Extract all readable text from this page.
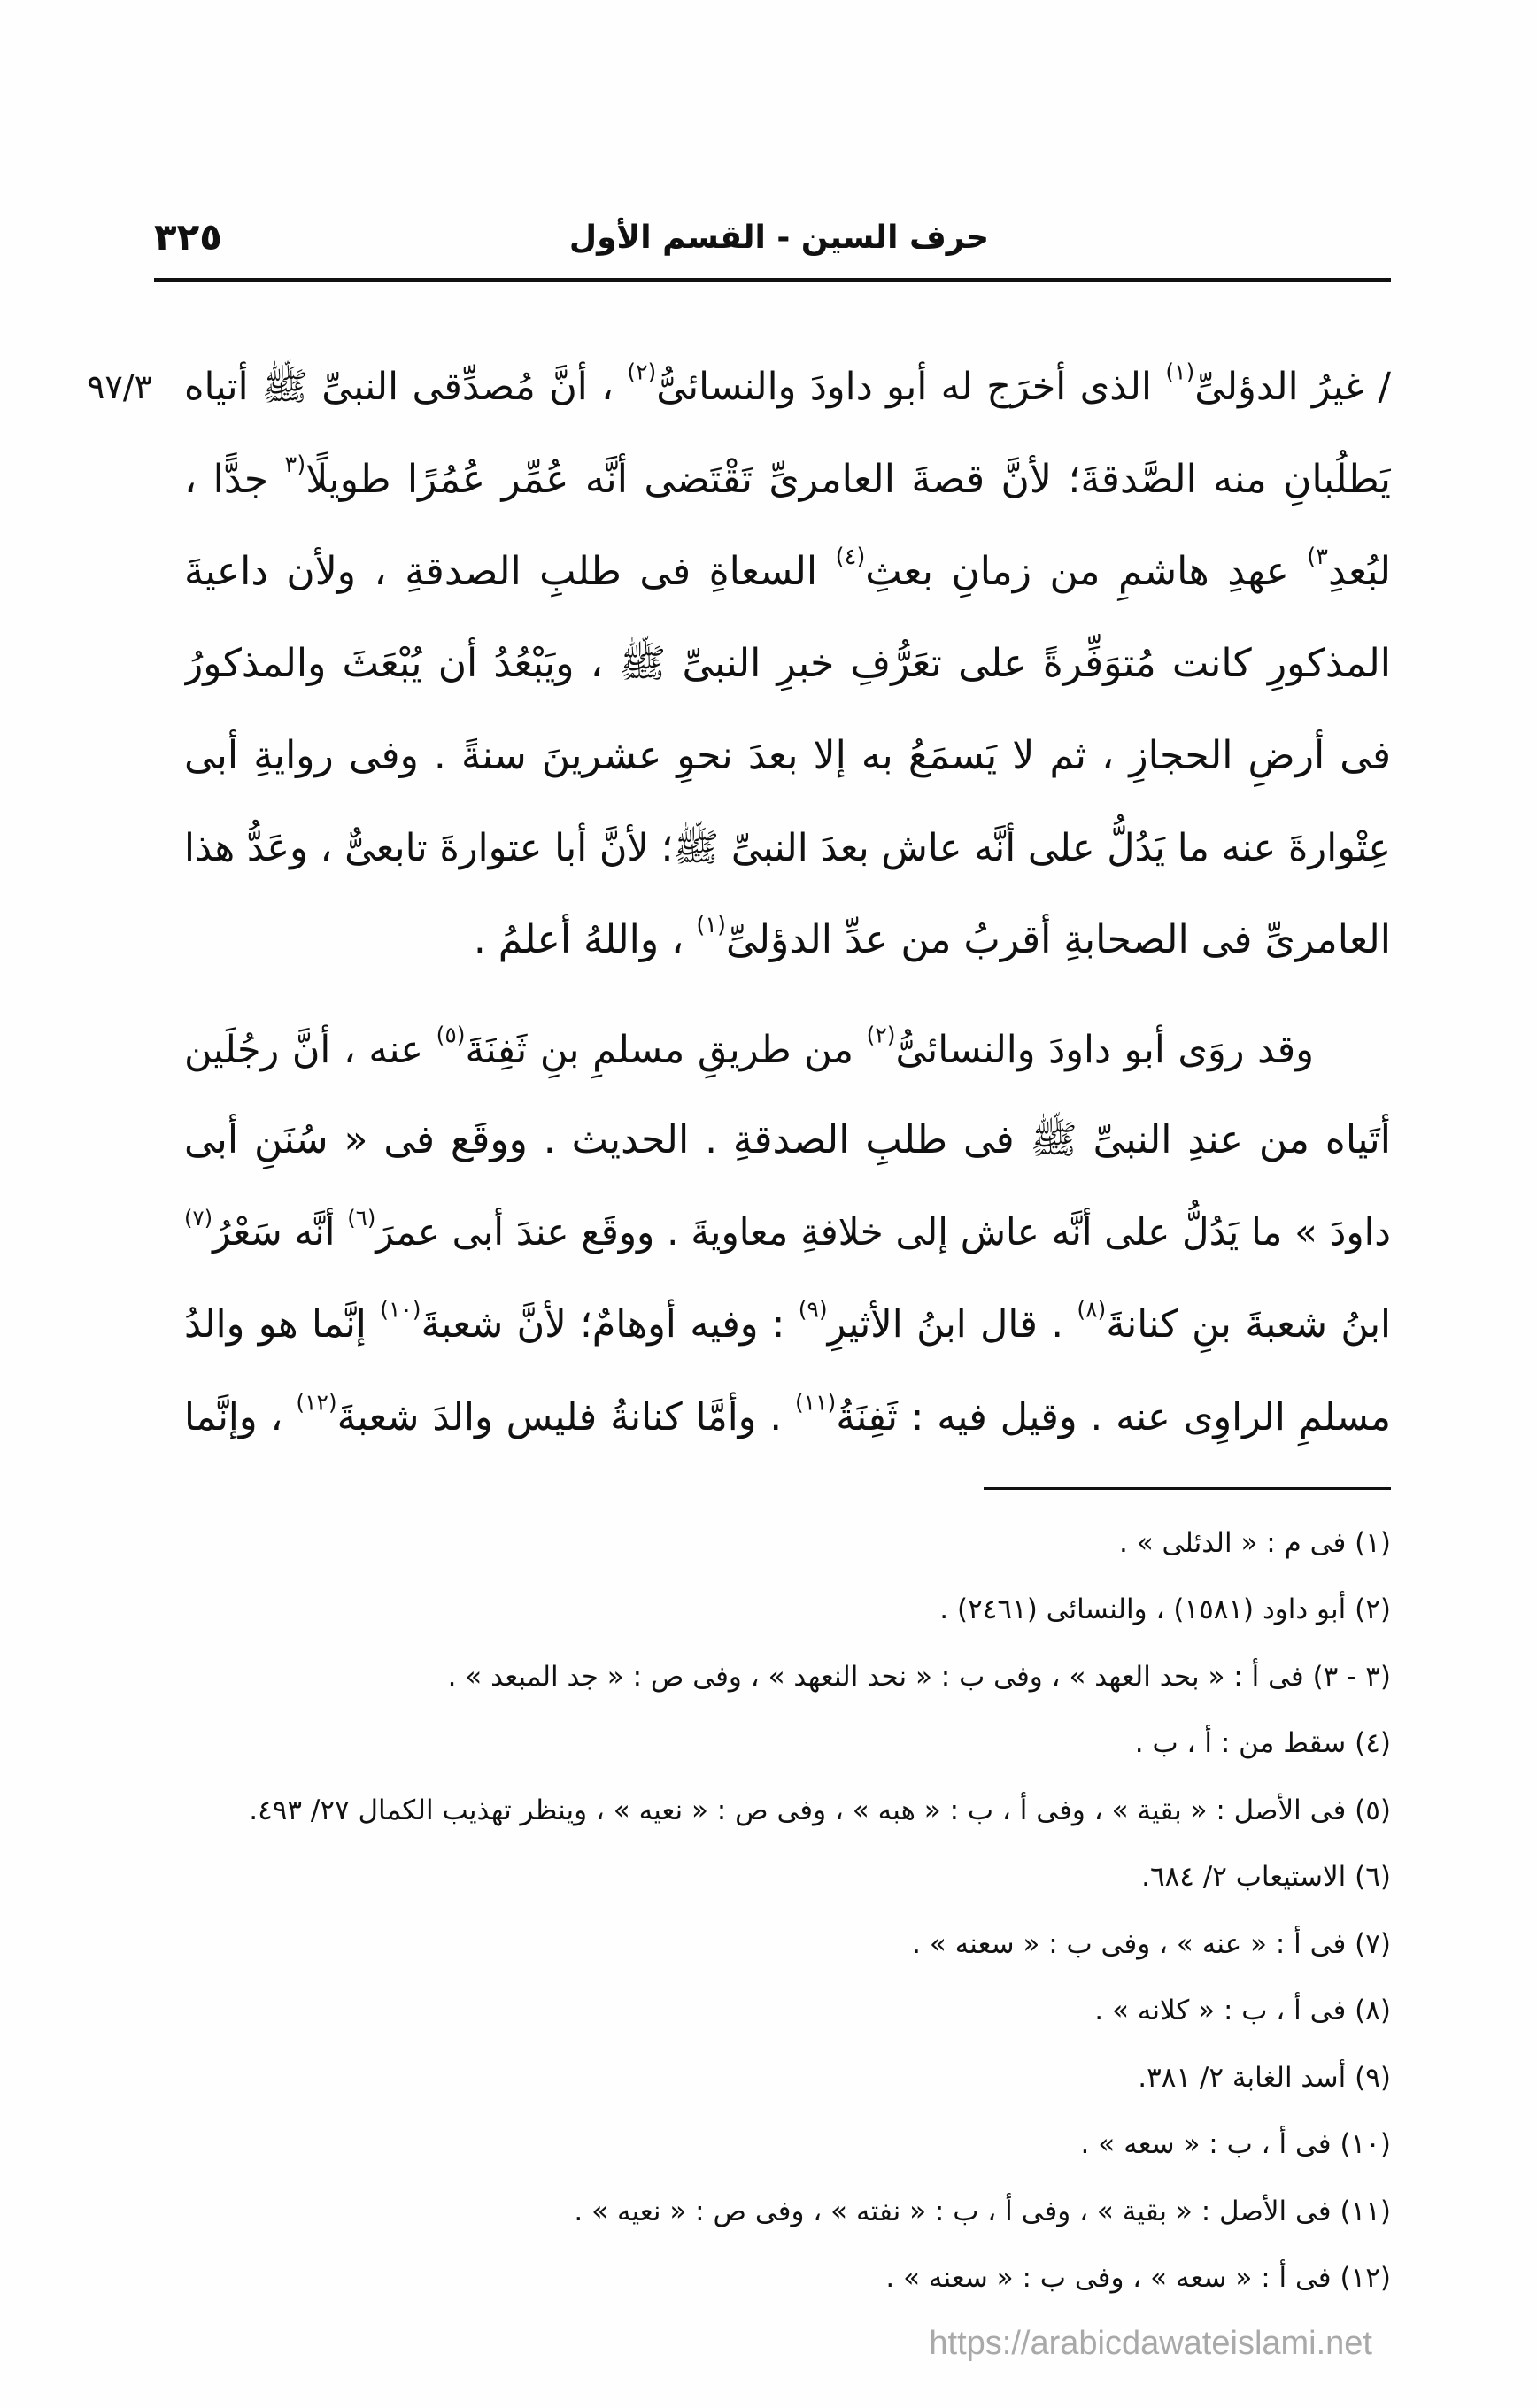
حرف السين - القسم الأول
٣٢٥
٩٧/٣	/ غيرُ الدؤلىِّ$^{(١)}$ الذى أخرَج له أبو داودَ والنسائىُّ$^{(٢)}$ ، أنَّ مُصدِّقى النبىِّ ﷺ أتياه
يَطلُبانِ منه الصَّدقةَ؛ لأنَّ قصةَ العامرىِّ تَقْتَضى أنَّه عُمِّر عُمُرًا طويلًا$^{(٣}$ جدًّا ،
لبُعدِ$^{٣)}$ عهدِ هاشمِ من زمانِ بعثِ$^{(٤)}$ السعاةِ فى طلبِ الصدقةِ ، ولأن داعيةَ
المذكورِ كانت مُتوَفِّرةً على تعَرُّفِ خبرِ النبىِّ ﷺ ، ويَبْعُدُ أن يُبْعَثَ والمذكورُ
فى أرضِ الحجازِ ، ثم لا يَسمَعُ به إلا بعدَ نحوِ عشرينَ سنةً . وفى روايةِ أبى
عِتْوارةَ عنه ما يَدُلُّ على أنَّه عاش بعدَ النبىِّ ﷺ؛ لأنَّ أبا عتوارةَ تابعىٌّ ، وعَدُّ هذا
العامرىِّ فى الصحابةِ أقربُ من عدِّ الدؤلىِّ$^{(١)}$ ، واللهُ أعلمُ .
وقد روَى أبو داودَ والنسائىُّ$^{(٢)}$ من طريقِ مسلمِ بنِ ثَفِنَةَ$^{(٥)}$ عنه ، أنَّ رجُلَين
أتَياه من عندِ النبىِّ ﷺ فى طلبِ الصدقةِ . الحديث . ووقَع فى « سُنَنِ أبى
داودَ » ما يَدُلُّ على أنَّه عاش إلى خلافةِ معاويةَ . ووقَع عندَ أبى عمرَ$^{(٦)}$ أنَّه سَعْرُ$^{(٧)}$
ابنُ شعبةَ بنِ كنانةَ$^{(٨)}$ . قال ابنُ الأثيرِ$^{(٩)}$ : وفيه أوهامٌ؛ لأنَّ شعبةَ$^{(١٠)}$ إنَّما هو والدُ
مسلمِ الراوِى عنه . وقيل فيه : ثَفِنَةُ$^{(١١)}$ . وأمَّا كنانةُ فليس والدَ شعبةَ$^{(١٢)}$ ، وإنَّما
(١) فى م : « الدئلى » .
(٢) أبو داود (١٥٨١) ، والنسائى (٢٤٦١) .
(٣ - ٣) فى أ : « بحد العهد » ، وفى ب : « نحد النعهد » ، وفى ص : « جد المبعد » .
(٤) سقط من : أ ، ب .
(٥) فى الأصل : « بقية » ، وفى أ ، ب : « هبه » ، وفى ص : « نعيه » ، وينظر تهذيب الكمال ٢٧/ ٤٩٣.
(٦) الاستيعاب ٢/ ٦٨٤.
(٧) فى أ : « عنه » ، وفى ب : « سعنه » .
(٨) فى أ ، ب : « كلانه » .
(٩) أسد الغابة ٢/ ٣٨١.
(١٠) فى أ ، ب : « سعه » .
(١١) فى الأصل : « بقية » ، وفى أ ، ب : « نفته » ، وفى ص : « نعيه » .
(١٢) فى أ : « سعه » ، وفى ب : « سعنه » .
https://arabicdawateislami.net
